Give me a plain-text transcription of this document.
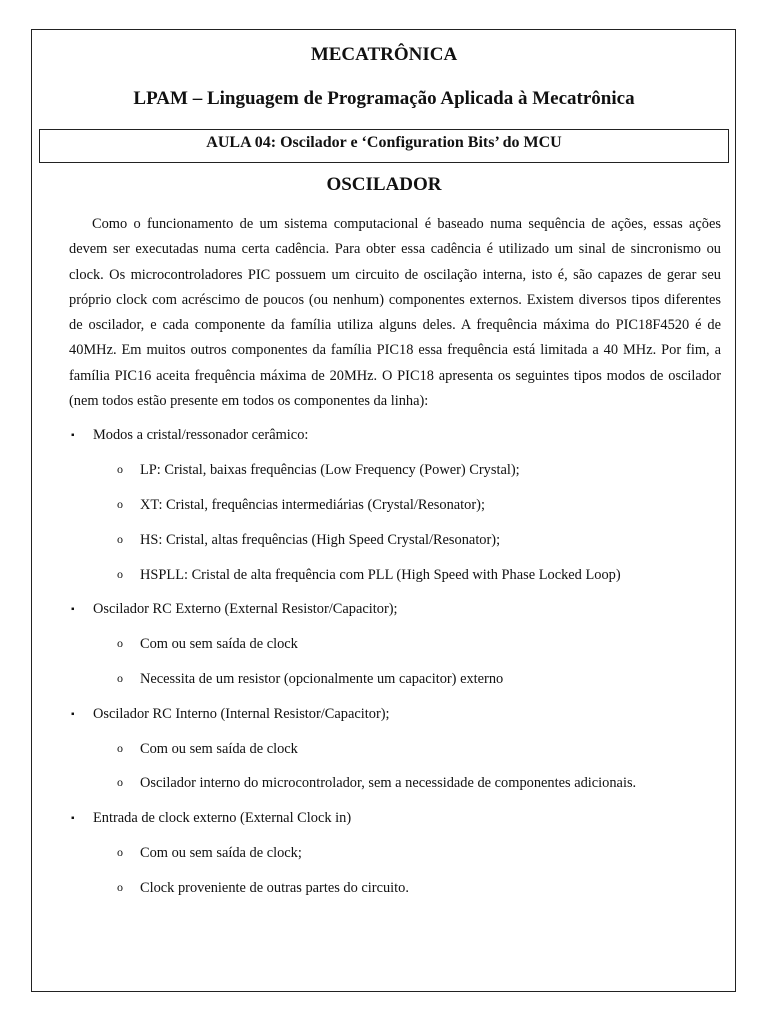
MECATRÔNICA
LPAM – Linguagem de Programação Aplicada à Mecatrônica
AULA 04: Oscilador e ‘Configuration Bits’ do MCU
OSCILADOR

Como o funcionamento de um sistema computacional é baseado numa sequência de ações, essas ações devem ser executadas numa certa cadência. Para obter essa cadência é utilizado um sinal de sincronismo ou clock. Os microcontroladores PIC possuem um circuito de oscilação interna, isto é, são capazes de gerar seu próprio clock com acréscimo de poucos (ou nenhum) componentes externos. Existem diversos tipos diferentes de oscilador, e cada componente da família utiliza alguns deles. A frequência máxima do PIC18F4520 é de 40MHz. Em muitos outros componentes da família PIC18 essa frequência está limitada a 40 MHz. Por fim, a família PIC16 aceita frequência máxima de 20MHz. O PIC18 apresenta os seguintes tipos modos de oscilador (nem todos estão presente em todos os componentes da linha):

▪ Modos a cristal/ressonador cerâmico:
o LP: Cristal, baixas frequências (Low Frequency (Power) Crystal);
o XT: Cristal, frequências intermediárias (Crystal/Resonator);
o HS: Cristal, altas frequências (High Speed Crystal/Resonator);
o HSPLL: Cristal de alta frequência com PLL (High Speed with Phase Locked Loop)
▪ Oscilador RC Externo (External Resistor/Capacitor);
o Com ou sem saída de clock
o Necessita de um resistor (opcionalmente um capacitor) externo
▪ Oscilador RC Interno (Internal Resistor/Capacitor);
o Com ou sem saída de clock
o Oscilador interno do microcontrolador, sem a necessidade de componentes adicionais.
▪ Entrada de clock externo (External Clock in)
o Com ou sem saída de clock;
o Clock proveniente de outras partes do circuito.
